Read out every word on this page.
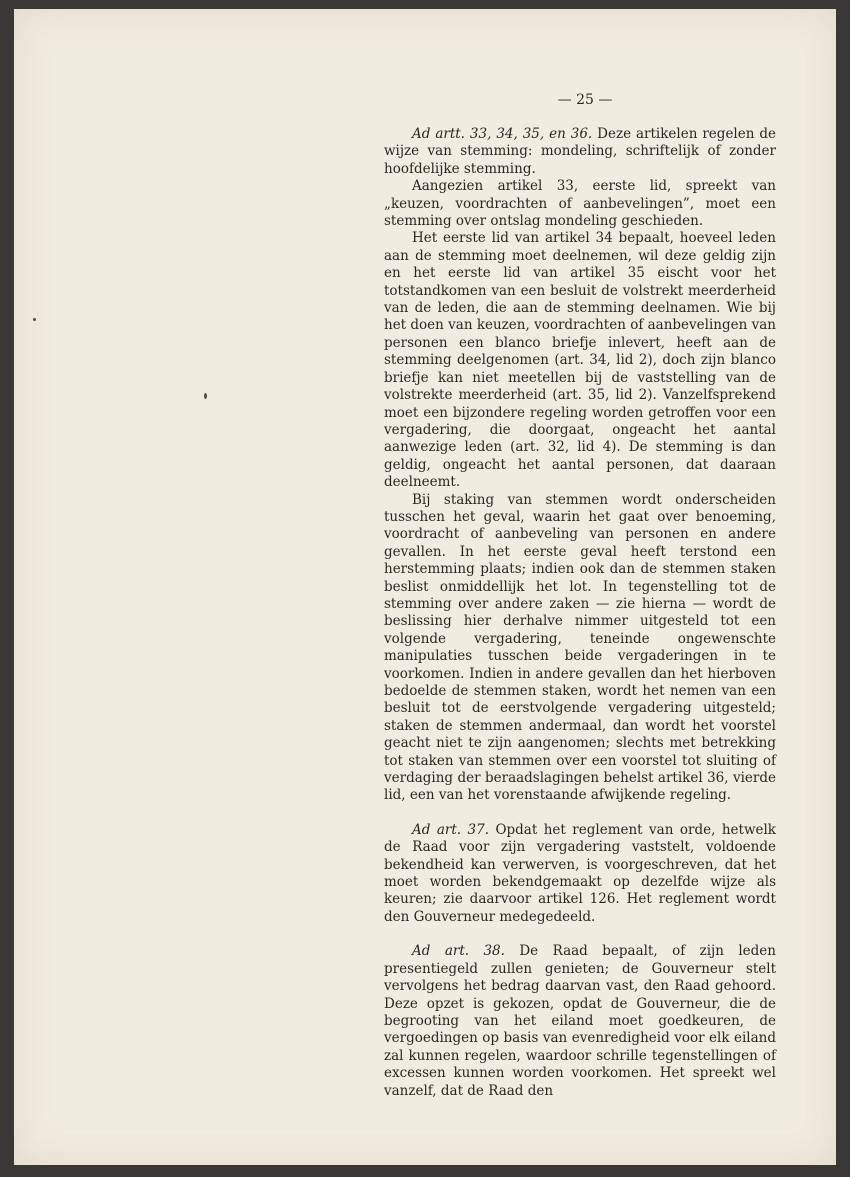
— 25 —

Ad artt. 33, 34, 35, en 36. Deze artikelen regelen de wijze van stemming: mondeling, schriftelijk of zonder hoofdelijke stemming.

Aangezien artikel 33, eerste lid, spreekt van „keuzen, voordrachten of aanbevelingen”, moet een stemming over ontslag mondeling geschieden.

Het eerste lid van artikel 34 bepaalt, hoeveel leden aan de stemming moet deelnemen, wil deze geldig zijn en het eerste lid van artikel 35 eischt voor het totstandkomen van een besluit de volstrekt meerderheid van de leden, die aan de stemming deelnamen. Wie bij het doen van keuzen, voordrachten of aanbevelingen van personen een blanco briefje inlevert, heeft aan de stemming deelgenomen (art. 34, lid 2), doch zijn blanco briefje kan niet meetellen bij de vaststelling van de volstrekte meerderheid (art. 35, lid 2). Vanzelfsprekend moet een bijzondere regeling worden getroffen voor een vergadering, die doorgaat, ongeacht het aantal aanwezige leden (art. 32, lid 4). De stemming is dan geldig, ongeacht het aantal personen, dat daaraan deelneemt.

Bij staking van stemmen wordt onderscheiden tusschen het geval, waarin het gaat over benoeming, voordracht of aanbeveling van personen en andere gevallen. In het eerste geval heeft terstond een herstemming plaats; indien ook dan de stemmen staken beslist onmiddellijk het lot. In tegenstelling tot de stemming over andere zaken — zie hierna — wordt de beslissing hier derhalve nimmer uitgesteld tot een volgende vergadering, teneinde ongewenschte manipulaties tusschen beide vergaderingen in te voorkomen. Indien in andere gevallen dan het hierboven bedoelde de stemmen staken, wordt het nemen van een besluit tot de eerstvolgende vergadering uitgesteld; staken de stemmen andermaal, dan wordt het voorstel geacht niet te zijn aangenomen; slechts met betrekking tot staken van stemmen over een voorstel tot sluiting of verdaging der beraadslagingen behelst artikel 36, vierde lid, een van het vorenstaande afwijkende regeling.

Ad art. 37. Opdat het reglement van orde, hetwelk de Raad voor zijn vergadering vaststelt, voldoende bekendheid kan verwerven, is voorgeschreven, dat het moet worden bekendgemaakt op dezelfde wijze als keuren; zie daarvoor artikel 126. Het reglement wordt den Gouverneur medegedeeld.

Ad art. 38. De Raad bepaalt, of zijn leden presentiegeld zullen genieten; de Gouverneur stelt vervolgens het bedrag daarvan vast, den Raad gehoord. Deze opzet is gekozen, opdat de Gouverneur, die de begrooting van het eiland moet goedkeuren, de vergoedingen op basis van evenredigheid voor elk eiland zal kunnen regelen, waardoor schrille tegenstellingen of excessen kunnen worden voorkomen. Het spreekt wel vanzelf, dat de Raad den
